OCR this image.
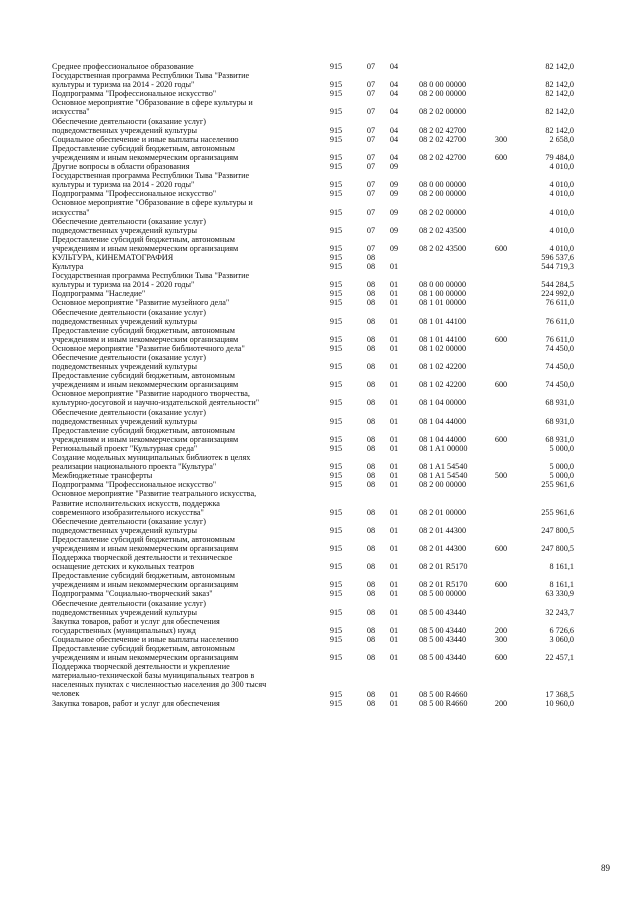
Среднее профессиональное образование	915	07 04	82 142,0
Государственная программа Республики Тыва "Развитие
культуры и туризма на 2014 - 2020 годы"	915	07 04	08 0 00 00000	82 142,0
Подпрограмма "Профессиональное искусство"	915	07 04	08 2 00 00000	82 142,0
Основное мероприятие "Образование в сфере культуры и
искусства"	915	07 04	08 2 02 00000	82 142,0
Обеспечение деятельности (оказание услуг)
подведомственных учреждений культуры	915	07 04	08 2 02 42700	82 142,0
Социальное обеспечение и иные выплаты населению	915	07 04	08 2 02 42700	300	2 658,0
Предоставление субсидий бюджетным, автономным
учреждениям и иным некоммерческим организациям	915	07 04	08 2 02 42700	600	79 484,0
Другие вопросы в области образования	915	07 09	4 010,0
Государственная программа Республики Тыва "Развитие
культуры и туризма на 2014 - 2020 годы"	915	07 09	08 0 00 00000	4 010,0
Подпрограмма "Профессиональное искусство"	915	07 09	08 2 00 00000	4 010,0
Основное мероприятие "Образование в сфере культуры и
искусства"	915	07 09	08 2 02 00000	4 010,0
Обеспечение деятельности (оказание услуг)
подведомственных учреждений культуры	915	07 09	08 2 02 43500	4 010,0
Предоставление субсидий бюджетным, автономным
учреждениям и иным некоммерческим организациям	915	07 09	08 2 02 43500	600	4 010,0
КУЛЬТУРА, КИНЕМАТОГРАФИЯ	915	08	596 537,6
Культура	915	08 01	544 719,3
Государственная программа Республики Тыва "Развитие
культуры и туризма на 2014 - 2020 годы"	915	08 01	08 0 00 00000	544 284,5
Подпрограмма "Наследие"	915	08 01	08 1 00 00000	224 992,0
Основное мероприятие "Развитие музейного дела"	915	08 01	08 1 01 00000	76 611,0
Обеспечение деятельности (оказание услуг)
подведомственных учреждений культуры	915	08 01	08 1 01 44100	76 611,0
Предоставление субсидий бюджетным, автономным
учреждениям и иным некоммерческим организациям	915	08 01	08 1 01 44100	600	76 611,0
Основное мероприятие "Развитие библиотечного дела"	915	08 01	08 1 02 00000	74 450,0
Обеспечение деятельности (оказание услуг)
подведомственных учреждений культуры	915	08 01	08 1 02 42200	74 450,0
Предоставление субсидий бюджетным, автономным
учреждениям и иным некоммерческим организациям	915	08 01	08 1 02 42200	600	74 450,0
Основное мероприятие "Развитие народного творчества,
культурно-досуговой и научно-издательской деятельности"	915	08 01	08 1 04 00000	68 931,0
Обеспечение деятельности (оказание услуг)
подведомственных учреждений культуры	915	08 01	08 1 04 44000	68 931,0
Предоставление субсидий бюджетным, автономным
учреждениям и иным некоммерческим организациям	915	08 01	08 1 04 44000	600	68 931,0
Региональный проект "Культурная среда"	915	08 01	08 1 A1 00000	5 000,0
Создание модельных муниципальных библиотек в целях
реализации национального проекта "Культура"	915	08 01	08 1 A1 54540	5 000,0
Межбюджетные трансферты	915	08 01	08 1 A1 54540	500	5 000,0
Подпрограмма "Профессиональное искусство"	915	08 01	08 2 00 00000	255 961,6
Основное мероприятие "Развитие театрального искусства,
Развитие исполнительских искусств, поддержка
современного изобразительного искусства"	915	08 01	08 2 01 00000	255 961,6
Обеспечение деятельности (оказание услуг)
подведомственных учреждений культуры	915	08 01	08 2 01 44300	247 800,5
Предоставление субсидий бюджетным, автономным
учреждениям и иным некоммерческим организациям	915	08 01	08 2 01 44300	600	247 800,5
Поддержка творческой деятельности и техническое
оснащение детских и кукольных театров	915	08 01	08 2 01 R5170	8 161,1
Предоставление субсидий бюджетным, автономным
учреждениям и иным некоммерческим организациям	915	08 01	08 2 01 R5170	600	8 161,1
Подпрограмма "Социально-творческий заказ"	915	08 01	08 5 00 00000	63 330,9
Обеспечение деятельности (оказание услуг)
подведомственных учреждений культуры	915	08 01	08 5 00 43440	32 243,7
Закупка товаров, работ и услуг для обеспечения
государственных (муниципальных) нужд	915	08 01	08 5 00 43440	200	6 726,6
Социальное обеспечение и иные выплаты населению	915	08 01	08 5 00 43440	300	3 060,0
Предоставление субсидий бюджетным, автономным
учреждениям и иным некоммерческим организациям	915	08 01	08 5 00 43440	600	22 457,1
Поддержка творческой деятельности и укрепление
материально-технической базы муниципальных театров в
населенных пунктах с численностью населения до 300 тысяч
человек	915	08 01	08 5 00 R4660	17 368,5
Закупка товаров, работ и услуг для обеспечения	915	08 01	08 5 00 R4660	200	10 960,0
89
